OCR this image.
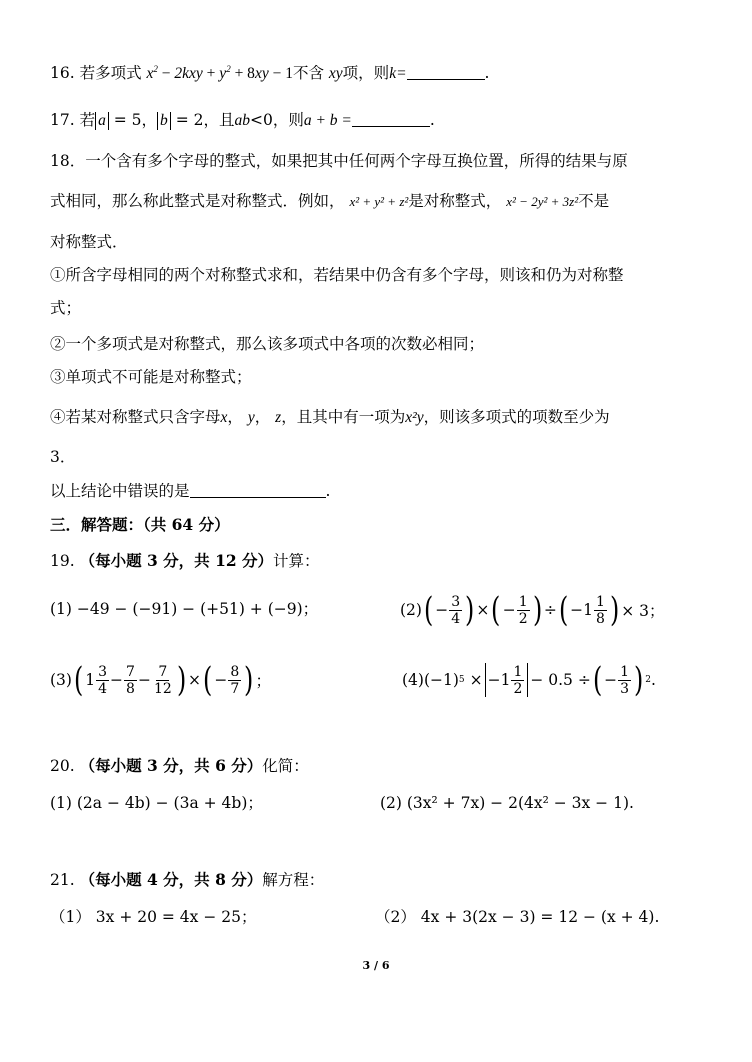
16. 若多项式 $x^2 - 2kxy + y^2 + 8xy - 1$不含 xy项，则k=	.
17. 若 a = 5， b = 2，且ab<0，则a + b =	.
18．一个含有多个字母的整式，如果把其中任何两个字母互换位置，所得的结果与原
式相同，那么称此整式是对称整式．例如， x² + y² + z²是对称整式， x² − 2y² + 3z²不是
对称整式．
①所含字母相同的两个对称整式求和，若结果中仍含有多个字母，则该和仍为对称整
式；
②一个多项式是对称整式，那么该多项式中各项的次数必相同；
③单项式不可能是对称整式；
④若某对称整式只含字母x， y， z，且其中有一项为x²y，则该多项式的项数至少为
3．
以上结论中错误的是	.
三．解答题：（共 64 分）
19. （每小题 3 分，共 12 分）计算：
(1) −49 − (−91) − (+51) + (−9)；	(2) ( − $\frac{3}{4}$ ) × ( − $\frac{1}{2}$ ) ÷ ( $-1 \frac{1}{8}$ ) × 3；
(3) ( $1 \frac{3}{4} - \frac{7}{8} - \frac{7}{12}$ ) × ( − $\frac{8}{7}$ ) ；	(4) (−1) $5 \times -1 \frac{1}{2} - 0.5$ ÷ ( − $\frac{1}{3}$ ) 2 .
20. （每小题 3 分，共 6 分）化简：
(1) (2a − 4b) − (3a + 4b)；	(2) (3x² + 7x) − 2(4x² − 3x − 1).
21. （每小题 4 分，共 8 分）解方程：
（1） 3x + 20 = 4x − 25；	（2） 4x + 3(2x − 3) = 12 − (x + 4).
3 / 6
